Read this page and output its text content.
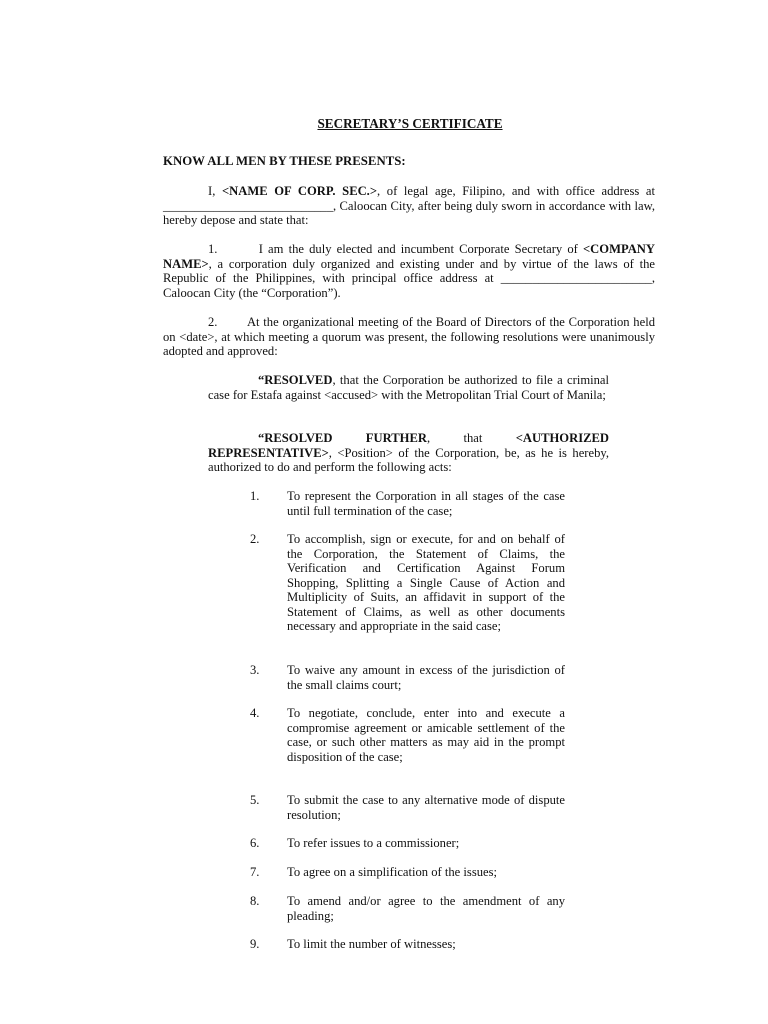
SECRETARY’S CERTIFICATE
KNOW ALL MEN BY THESE PRESENTS:
I, <NAME OF CORP. SEC.>, of legal age, Filipino, and with office address at ___________________________, Caloocan City, after being duly sworn in accordance with law, hereby depose and state that:
1.        I am the duly elected and incumbent Corporate Secretary of <COMPANY NAME>, a corporation duly organized and existing under and by virtue of the laws of the Republic of the Philippines, with principal office address at ________________________, Caloocan City (the “Corporation”).
2.        At the organizational meeting of the Board of Directors of the Corporation held on <date>, at which meeting a quorum was present, the following resolutions were unanimously adopted and approved:
“RESOLVED, that the Corporation be authorized to file a criminal case for Estafa against <accused> with the Metropolitan Trial Court of Manila;
“RESOLVED FURTHER, that <AUTHORIZED REPRESENTATIVE>, <Position> of the Corporation, be, as he is hereby, authorized to do and perform the following acts:
1.	To represent the Corporation in all stages of the case until full termination of the case;
2.	To accomplish, sign or execute, for and on behalf of the Corporation, the Statement of Claims, the Verification and Certification Against Forum Shopping, Splitting a Single Cause of Action and Multiplicity of Suits, an affidavit in support of the Statement of Claims, as well as other documents necessary and appropriate in the said case;
3.	To waive any amount in excess of the jurisdiction of the small claims court;
4.	To negotiate, conclude, enter into and execute a compromise agreement or amicable settlement of the case, or such other matters as may aid in the prompt disposition of the case;
5.	To submit the case to any alternative mode of dispute resolution;
6.	To refer issues to a commissioner;
7.	To agree on a simplification of the issues;
8.	To amend and/or agree to the amendment of any pleading;
9.	To limit the number of witnesses;
